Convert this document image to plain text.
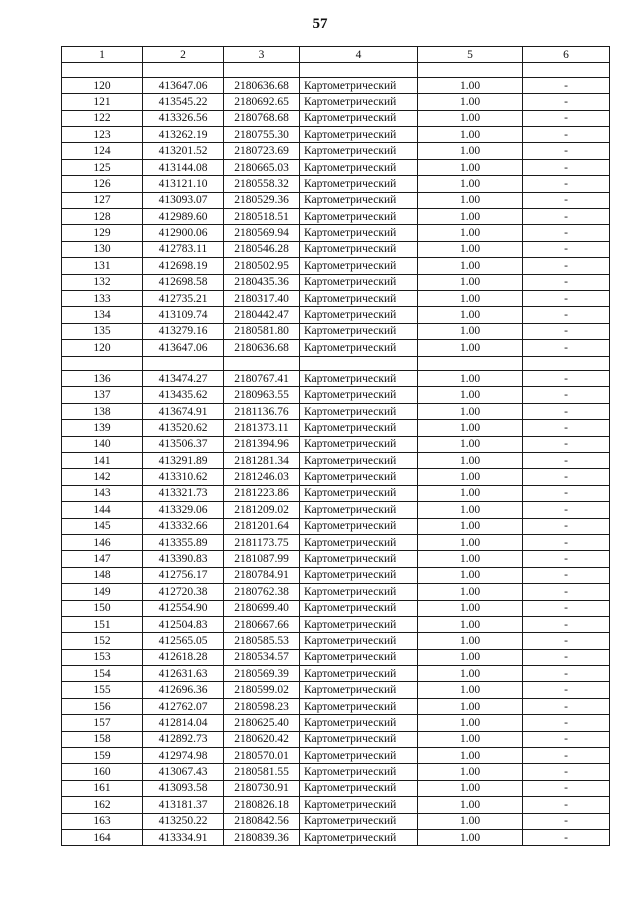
57
1	2	3	4	5	6

120	413647.06	2180636.68	Картометрический	1.00	-
121	413545.22	2180692.65	Картометрический	1.00	-
122	413326.56	2180768.68	Картометрический	1.00	-
123	413262.19	2180755.30	Картометрический	1.00	-
124	413201.52	2180723.69	Картометрический	1.00	-
125	413144.08	2180665.03	Картометрический	1.00	-
126	413121.10	2180558.32	Картометрический	1.00	-
127	413093.07	2180529.36	Картометрический	1.00	-
128	412989.60	2180518.51	Картометрический	1.00	-
129	412900.06	2180569.94	Картометрический	1.00	-
130	412783.11	2180546.28	Картометрический	1.00	-
131	412698.19	2180502.95	Картометрический	1.00	-
132	412698.58	2180435.36	Картометрический	1.00	-
133	412735.21	2180317.40	Картометрический	1.00	-
134	413109.74	2180442.47	Картометрический	1.00	-
135	413279.16	2180581.80	Картометрический	1.00	-
120	413647.06	2180636.68	Картометрический	1.00	-

136	413474.27	2180767.41	Картометрический	1.00	-
137	413435.62	2180963.55	Картометрический	1.00	-
138	413674.91	2181136.76	Картометрический	1.00	-
139	413520.62	2181373.11	Картометрический	1.00	-
140	413506.37	2181394.96	Картометрический	1.00	-
141	413291.89	2181281.34	Картометрический	1.00	-
142	413310.62	2181246.03	Картометрический	1.00	-
143	413321.73	2181223.86	Картометрический	1.00	-
144	413329.06	2181209.02	Картометрический	1.00	-
145	413332.66	2181201.64	Картометрический	1.00	-
146	413355.89	2181173.75	Картометрический	1.00	-
147	413390.83	2181087.99	Картометрический	1.00	-
148	412756.17	2180784.91	Картометрический	1.00	-
149	412720.38	2180762.38	Картометрический	1.00	-
150	412554.90	2180699.40	Картометрический	1.00	-
151	412504.83	2180667.66	Картометрический	1.00	-
152	412565.05	2180585.53	Картометрический	1.00	-
153	412618.28	2180534.57	Картометрический	1.00	-
154	412631.63	2180569.39	Картометрический	1.00	-
155	412696.36	2180599.02	Картометрический	1.00	-
156	412762.07	2180598.23	Картометрический	1.00	-
157	412814.04	2180625.40	Картометрический	1.00	-
158	412892.73	2180620.42	Картометрический	1.00	-
159	412974.98	2180570.01	Картометрический	1.00	-
160	413067.43	2180581.55	Картометрический	1.00	-
161	413093.58	2180730.91	Картометрический	1.00	-
162	413181.37	2180826.18	Картометрический	1.00	-
163	413250.22	2180842.56	Картометрический	1.00	-
164	413334.91	2180839.36	Картометрический	1.00	-
